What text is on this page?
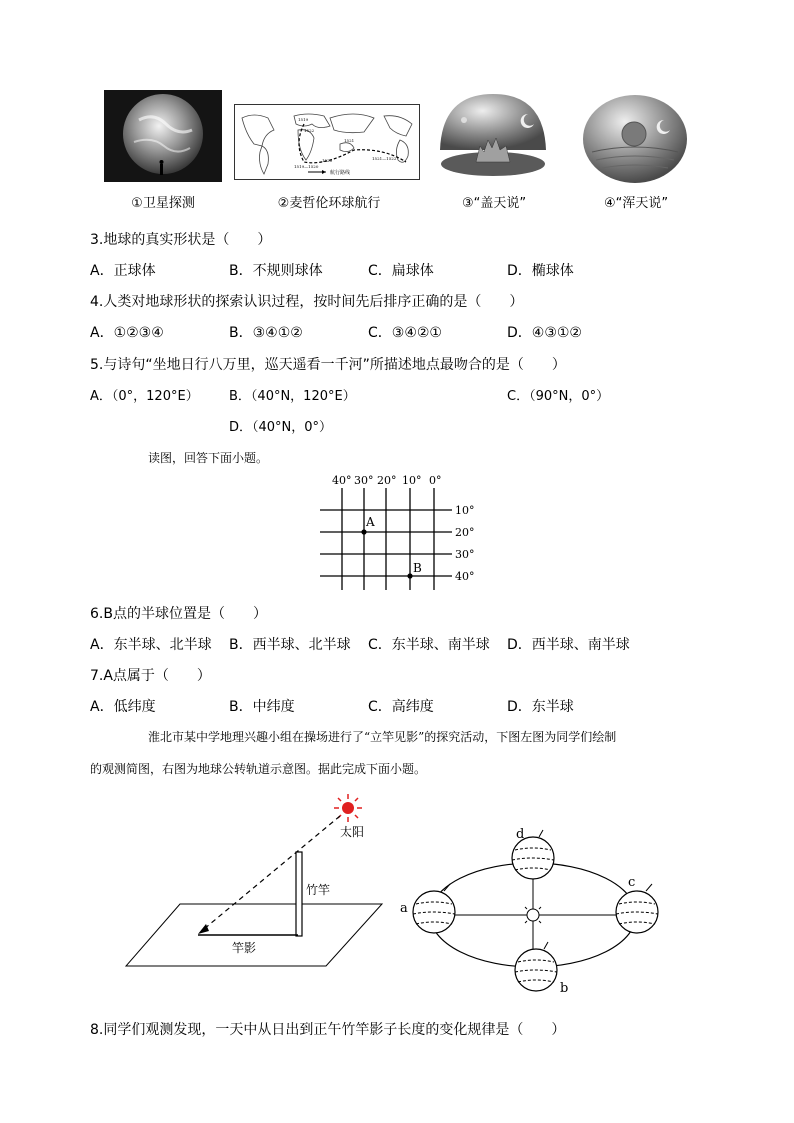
①卫星探测
航行路线
1519
1521
1522
1519—1520
1520	1521—1522
②麦哲伦环球航行	③“盖天说”	④“浑天说”
3.地球的真实形状是（　　）
A．正球体	B．不规则球体	C．扁球体	D．椭球体
4.人类对地球形状的探索认识过程，按时间先后排序正确的是（　　）
A．①②③④	B．③④①②	C．③④②①	D．④③①②
5.与诗句“坐地日行八万里，巡天遥看一千河”所描述地点最吻合的是（　　）
A．（0°，120°E） B．（40°N，120°E）	C．（90°N，0°）
D．（40°N，0°）
读图，回答下面小题。
40° 30° 20° 10° 0°
10°
20°
30°
40°
A
B
6.B点的半球位置是（　　）
A．东半球、北半球 B．西半球、北半球 C．东半球、南半球 D．西半球、南半球
7.A点属于（　　）
A．低纬度	B．中纬度	C．高纬度	D．东半球
淮北市某中学地理兴趣小组在操场进行了“立竿见影”的探究活动，下图左图为同学们绘制
的观测简图，右图为地球公转轨道示意图。据此完成下面小题。
太阳
竹竿
竿影
d
a
c
b
8.同学们观测发现，一天中从日出到正午竹竿影子长度的变化规律是（　　）
